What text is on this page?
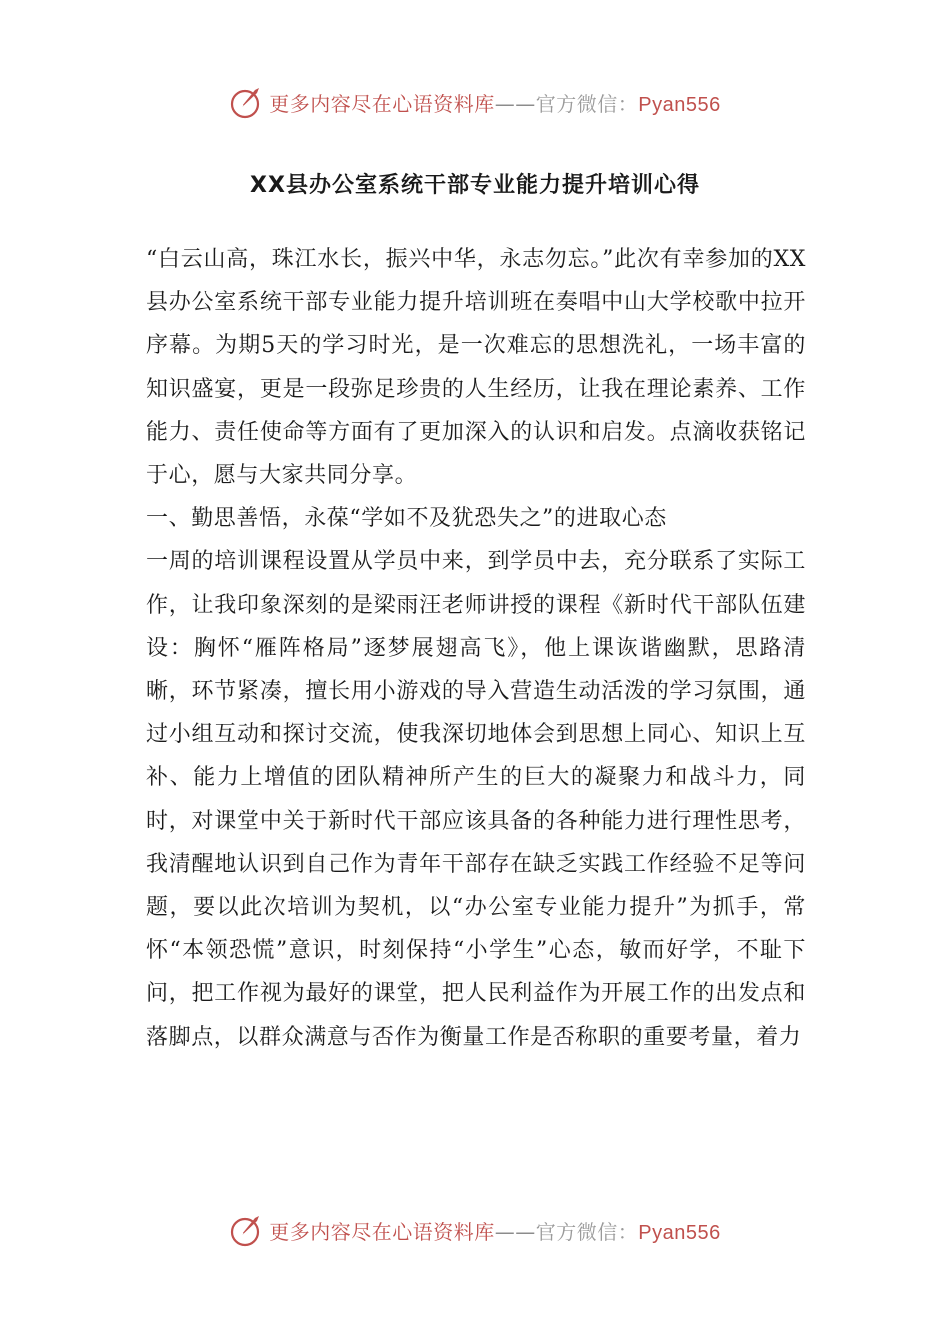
更多内容尽在心语资料库——官方微信：Pyan556
XX县办公室系统干部专业能力提升培训心得

“白云山高，珠江水长，振兴中华，永志勿忘。”此次有幸参加的XX县办公室系统干部专业能力提升培训班在奏唱中山大学校歌中拉开序幕。为期5天的学习时光，是一次难忘的思想洗礼，一场丰富的知识盛宴，更是一段弥足珍贵的人生经历，让我在理论素养、工作能力、责任使命等方面有了更加深入的认识和启发。点滴收获铭记于心，愿与大家共同分享。

一、勤思善悟，永葆“学如不及犹恐失之”的进取心态

一周的培训课程设置从学员中来，到学员中去，充分联系了实际工作，让我印象深刻的是梁雨汪老师讲授的课程《新时代干部队伍建设：胸怀“雁阵格局”逐梦展翅高飞》，他上课诙谐幽默，思路清晰，环节紧凑，擅长用小游戏的导入营造生动活泼的学习氛围，通过小组互动和探讨交流，使我深切地体会到思想上同心、知识上互补、能力上增值的团队精神所产生的巨大的凝聚力和战斗力，同时，对课堂中关于新时代干部应该具备的各种能力进行理性思考，我清醒地认识到自己作为青年干部存在缺乏实践工作经验不足等问题，要以此次培训为契机，以“办公室专业能力提升”为抓手，常怀“本领恐慌”意识，时刻保持“小学生”心态，敏而好学，不耻下问，把工作视为最好的课堂，把人民利益作为开展工作的出发点和落脚点，以群众满意与否作为衡量工作是否称职的重要考量，着力

更多内容尽在心语资料库——官方微信：Pyan556
